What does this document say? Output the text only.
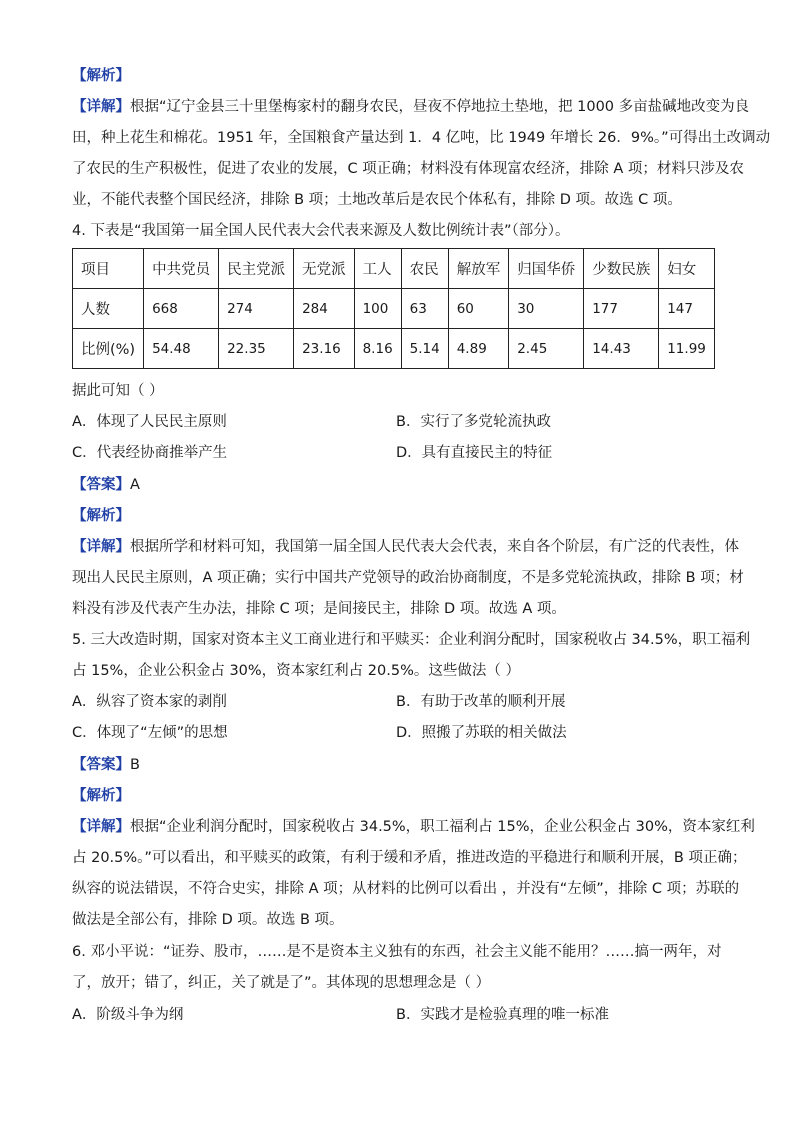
【解析】
【详解】根据“辽宁金县三十里堡梅家村的翻身农民，昼夜不停地拉土垫地，把 1000 多亩盐碱地改变为良
田，种上花生和棉花。1951 年，全国粮食产量达到 1．4 亿吨，比 1949 年增长 26．9%。”可得出土改调动
了农民的生产积极性，促进了农业的发展，C 项正确；材料没有体现富农经济，排除 A 项；材料只涉及农
业，不能代表整个国民经济，排除 B 项；土地改革后是农民个体私有，排除 D 项。故选 C 项。
4. 下表是“我国第一届全国人民代表大会代表来源及人数比例统计表”（部分）。
项目	中共党员	民主党派	无党派	工人	农民	解放军	归国华侨	少数民族	妇女
人数	668	274	284	100	63	60	30	177	147
比例(%)	54.48	22.35	23.16	8.16	5.14	4.89	2.45	14.43	11.99
据此可知（ ）
A．体现了人民民主原则	B．实行了多党轮流执政
C．代表经协商推举产生	D．具有直接民主的特征
【答案】A
【解析】
【详解】根据所学和材料可知，我国第一届全国人民代表大会代表，来自各个阶层，有广泛的代表性，体
现出人民民主原则，A 项正确；实行中国共产党领导的政治协商制度，不是多党轮流执政，排除 B 项；材
料没有涉及代表产生办法，排除 C 项；是间接民主，排除 D 项。故选 A 项。
5. 三大改造时期，国家对资本主义工商业进行和平赎买：企业利润分配时，国家税收占 34.5%，职工福利
占 15%，企业公积金占 30%，资本家红利占 20.5%。这些做法（ ）
A．纵容了资本家的剥削	B．有助于改革的顺利开展
C．体现了“左倾”的思想	D．照搬了苏联的相关做法
【答案】B
【解析】
【详解】根据“企业利润分配时，国家税收占 34.5%，职工福利占 15%，企业公积金占 30%，资本家红利
占 20.5%。”可以看出，和平赎买的政策，有利于缓和矛盾，推进改造的平稳进行和顺利开展，B 项正确；
纵容的说法错误，不符合史实，排除 A 项；从材料的比例可以看出 ，并没有“左倾”，排除 C 项；苏联的
做法是全部公有，排除 D 项。故选 B 项。
6. 邓小平说：“证券、股市，……是不是资本主义独有的东西，社会主义能不能用？……搞一两年，对
了，放开；错了，纠正，关了就是了”。其体现的思想理念是（ ）
A．阶级斗争为纲	B．实践才是检验真理的唯一标准
